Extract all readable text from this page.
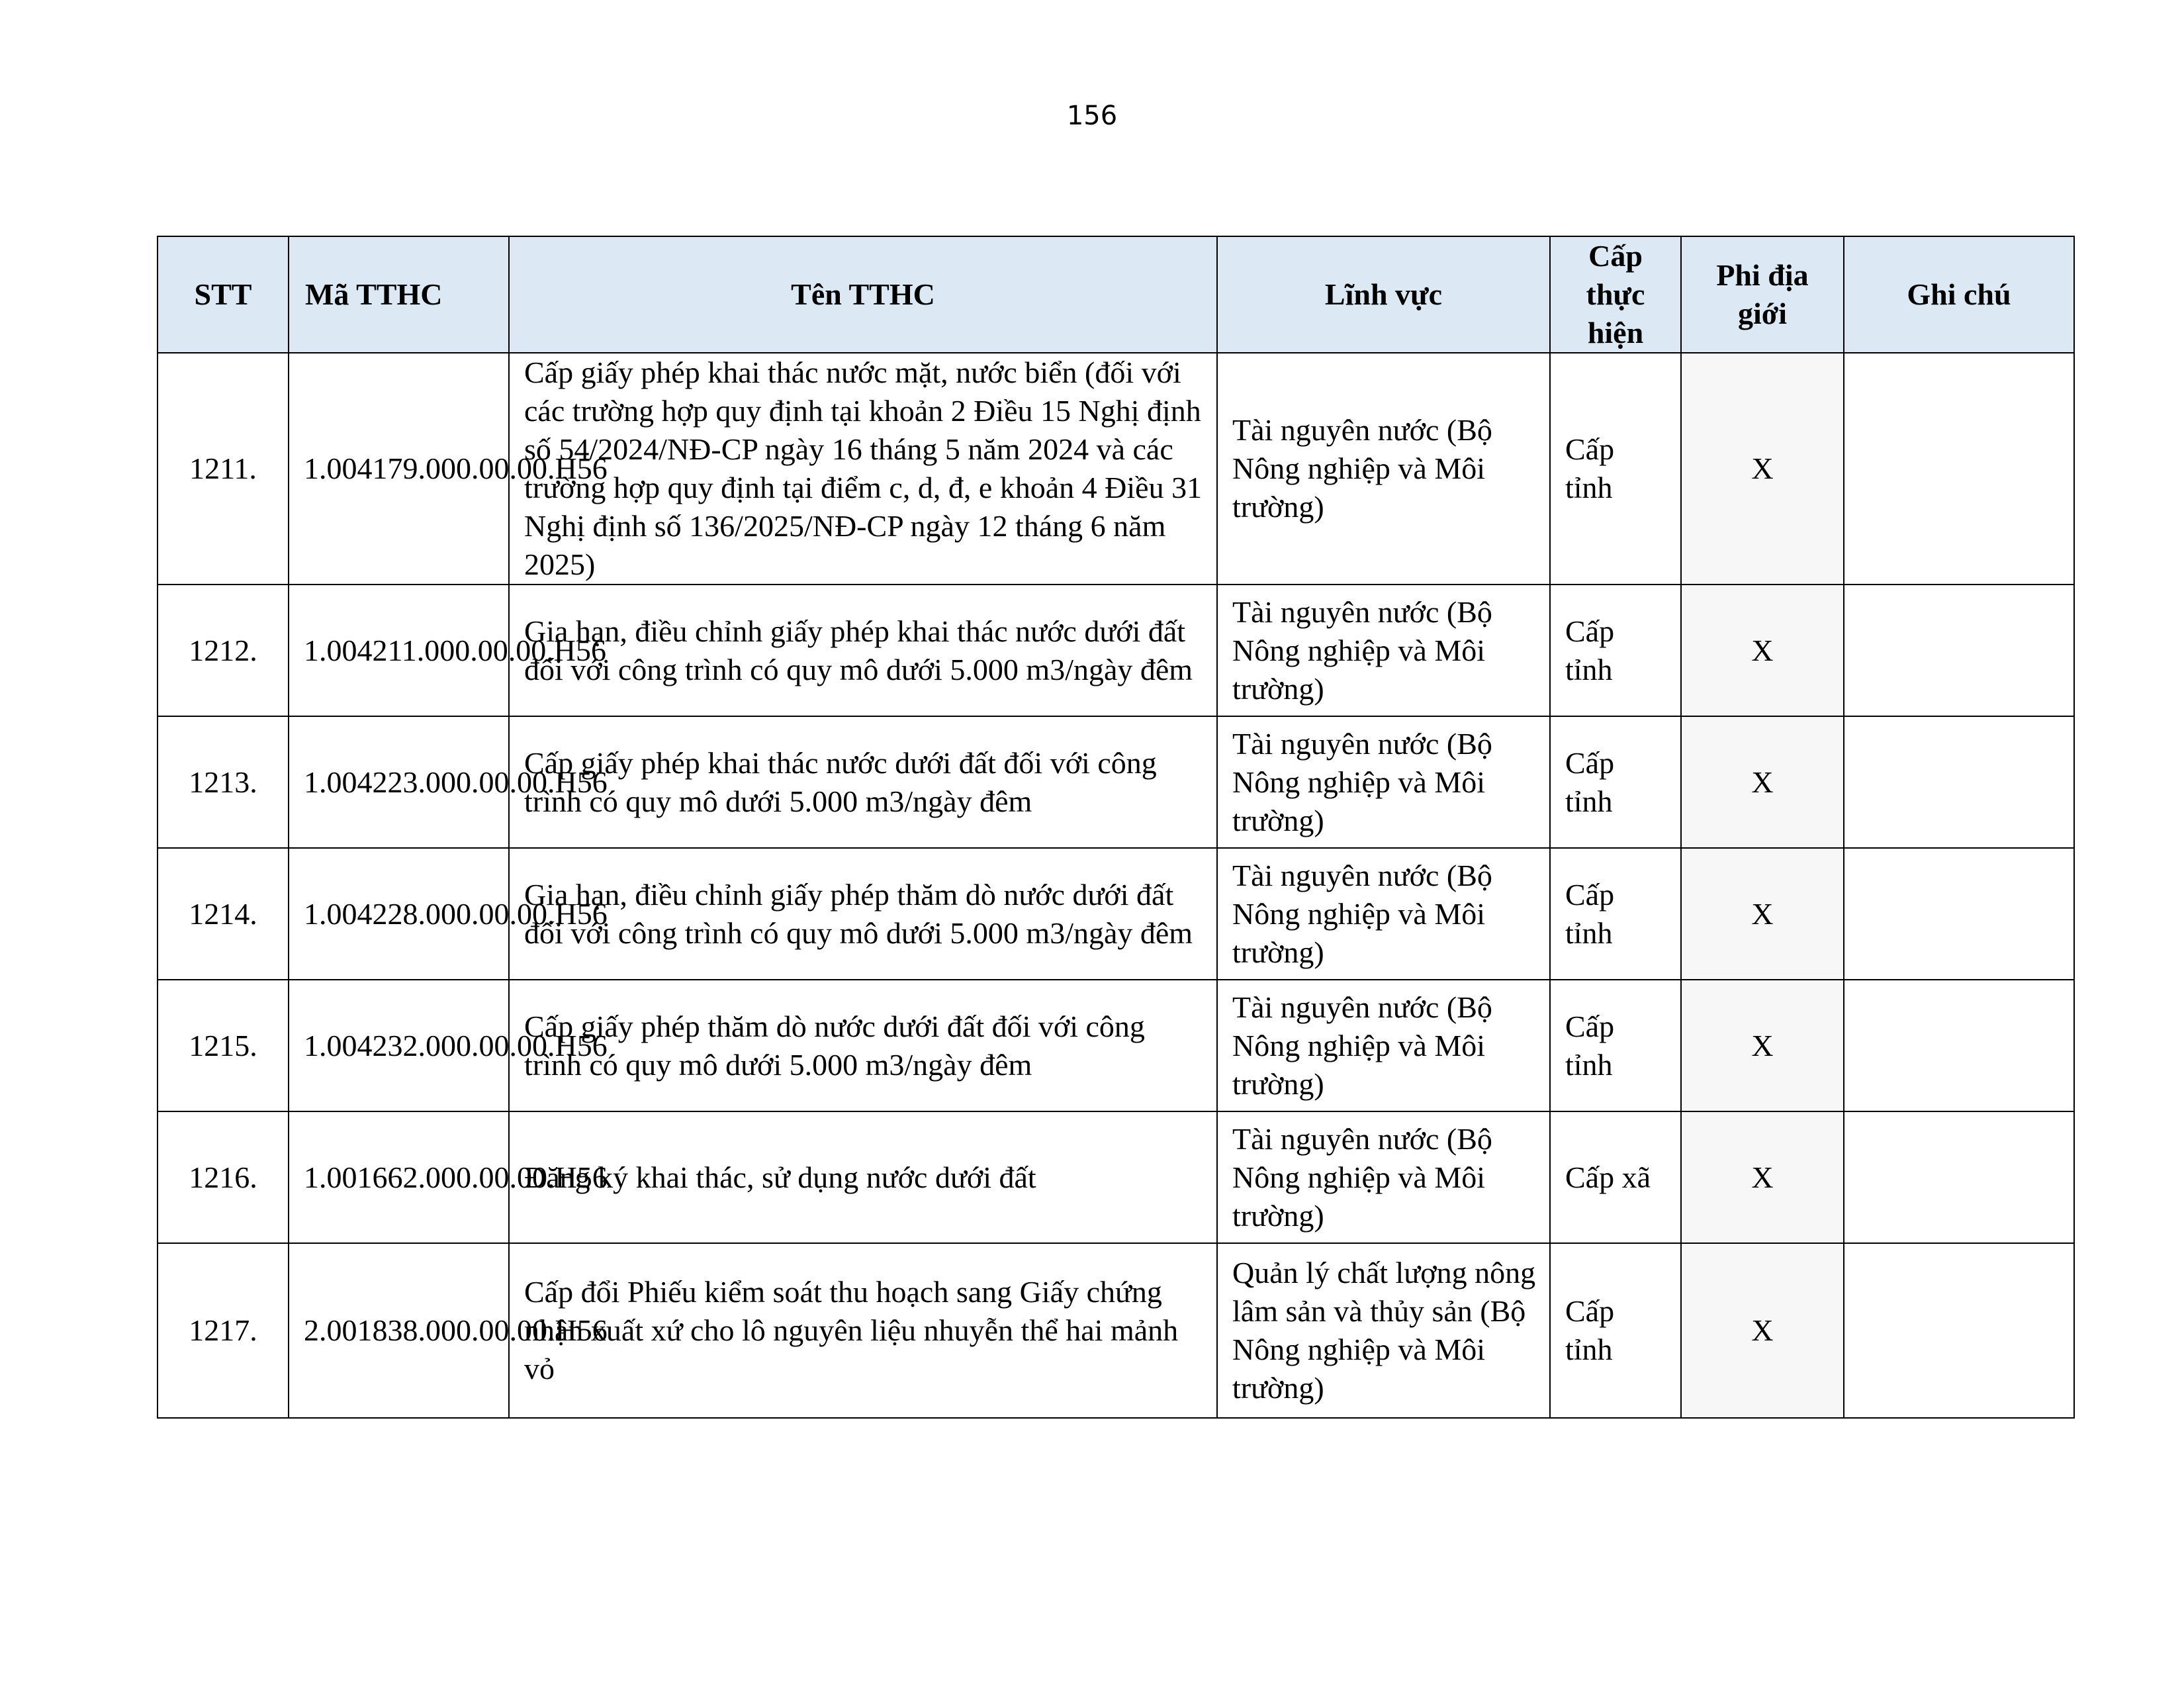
156
STT	Mã TTHC	Tên TTHC	Lĩnh vực	Cấp thực hiện	Phi địa giới	Ghi chú
1211.	1.004179.000.00.00.H56	Cấp giấy phép khai thác nước mặt, nước biển (đối với các trường hợp quy định tại khoản 2 Điều 15 Nghị định số 54/2024/NĐ-CP ngày 16 tháng 5 năm 2024 và các trường hợp quy định tại điểm c, d, đ, e khoản 4 Điều 31 Nghị định số 136/2025/NĐ-CP ngày 12 tháng 6 năm 2025)	Tài nguyên nước (Bộ Nông nghiệp và Môi trường)	Cấp tỉnh	X	
1212.	1.004211.000.00.00.H56	Gia hạn, điều chỉnh giấy phép khai thác nước dưới đất đối với công trình có quy mô dưới 5.000 m3/ngày đêm	Tài nguyên nước (Bộ Nông nghiệp và Môi trường)	Cấp tỉnh	X	
1213.	1.004223.000.00.00.H56	Cấp giấy phép khai thác nước dưới đất đối với công trình có quy mô dưới 5.000 m3/ngày đêm	Tài nguyên nước (Bộ Nông nghiệp và Môi trường)	Cấp tỉnh	X	
1214.	1.004228.000.00.00.H56	Gia hạn, điều chỉnh giấy phép thăm dò nước dưới đất đối với công trình có quy mô dưới 5.000 m3/ngày đêm	Tài nguyên nước (Bộ Nông nghiệp và Môi trường)	Cấp tỉnh	X	
1215.	1.004232.000.00.00.H56	Cấp giấy phép thăm dò nước dưới đất đối với công trình có quy mô dưới 5.000 m3/ngày đêm	Tài nguyên nước (Bộ Nông nghiệp và Môi trường)	Cấp tỉnh	X	
1216.	1.001662.000.00.00.H56	Đăng ký khai thác, sử dụng nước dưới đất	Tài nguyên nước (Bộ Nông nghiệp và Môi trường)	Cấp xã	X	
1217.	2.001838.000.00.00.H56	Cấp đổi Phiếu kiểm soát thu hoạch sang Giấy chứng nhận xuất xứ cho lô nguyên liệu nhuyễn thể hai mảnh vỏ	Quản lý chất lượng nông lâm sản và thủy sản (Bộ Nông nghiệp và Môi trường)	Cấp tỉnh	X	
